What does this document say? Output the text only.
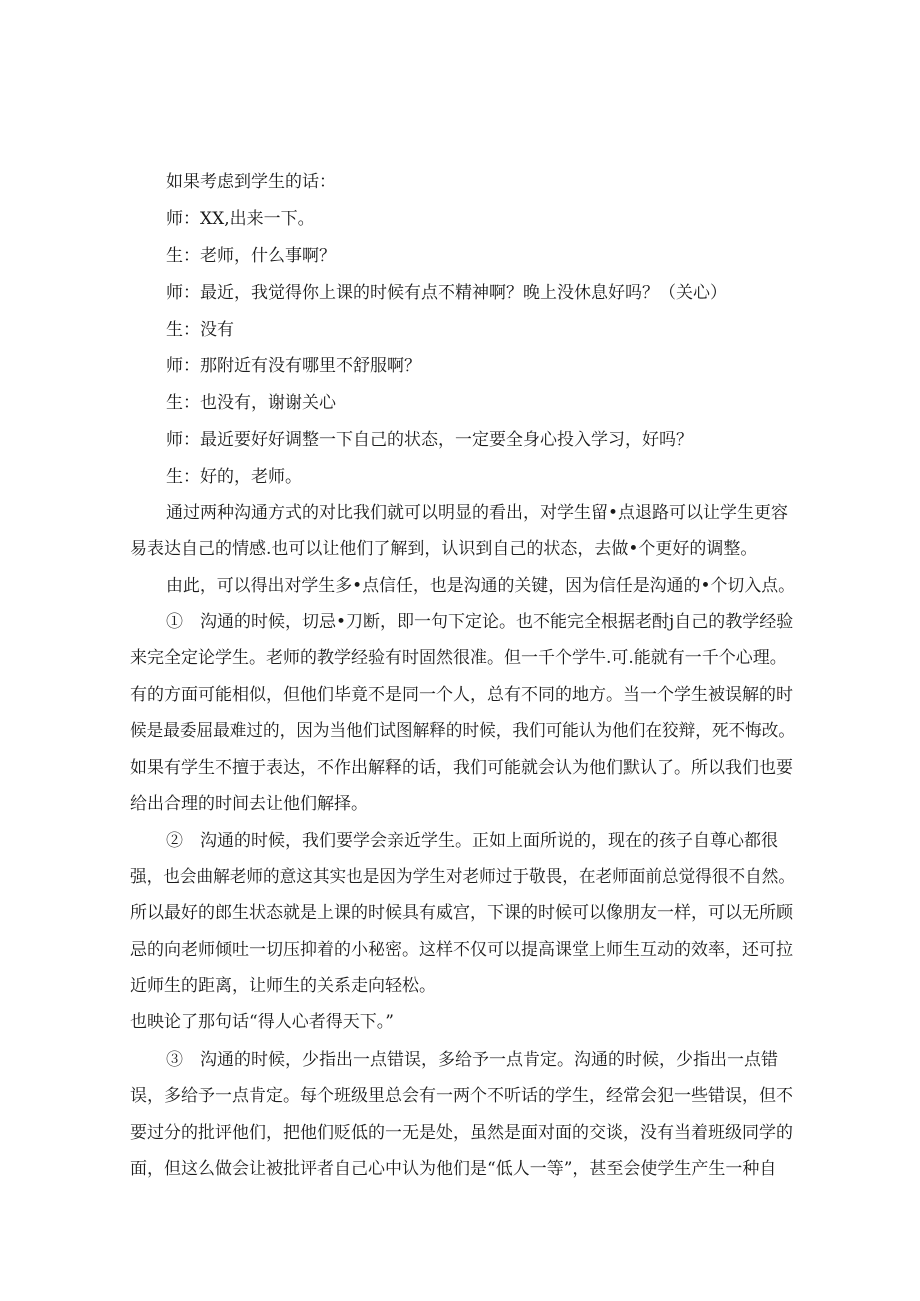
如果考虑到学生的话：
师：XX,出来一下。
生：老师，什么事啊？
师：最近，我觉得你上课的时候有点不精神啊？晚上没休息好吗？（关心）
生：没有
师：那附近有没有哪里不舒服啊？
生：也没有，谢谢关心
师：最近要好好调整一下自己的状态，一定要全身心投入学习，好吗？
生：好的，老师。
通过两种沟通方式的对比我们就可以明显的看出，对学生留•点退路可以让学生更容
易表达自己的情感.也可以让他们了解到，认识到自己的状态，去做•个更好的调整。
由此，可以得出对学生多•点信任，也是沟通的关键，因为信任是沟通的•个切入点。
①　沟通的时候，切忌•刀断，即一句下定论。也不能完全根据老酎j自己的教学经验
来完全定论学生。老师的教学经验有时固然很准。但一千个学牛.可.能就有一千个心理。
有的方面可能相似，但他们毕竟不是同一个人，总有不同的地方。当一个学生被误解的时
候是最委屈最难过的，因为当他们试图解释的时候，我们可能认为他们在狡辩，死不悔改。
如果有学生不擅于表达，不作出解释的话，我们可能就会认为他们默认了。所以我们也要
给出合理的时间去让他们解择。
②　沟通的时候，我们要学会亲近学生。正如上面所说的，现在的孩子自尊心都很
强，也会曲解老师的意这其实也是因为学生对老师过于敬畏，在老师面前总觉得很不自然。
所以最好的郎生状态就是上课的时候具有威宫，下课的时候可以像朋友一样，可以无所顾
忌的向老师倾吐一切压抑着的小秘密。这样不仅可以提高课堂上师生互动的效率，还可拉
近师生的距离，让师生的关系走向轻松。
也映论了那句话“得人心者得天下。”
③　沟通的时候，少指出一点错误，多给予一点肯定。沟通的时候，少指出一点错
误，多给予一点肯定。每个班级里总会有一两个不听话的学生，经常会犯一些错误，但不
要过分的批评他们，把他们贬低的一无是处，虽然是面对面的交谈，没有当着班级同学的
面，但这么做会让被批评者自己心中认为他们是“低人一等”，甚至会使学生产生一种自
